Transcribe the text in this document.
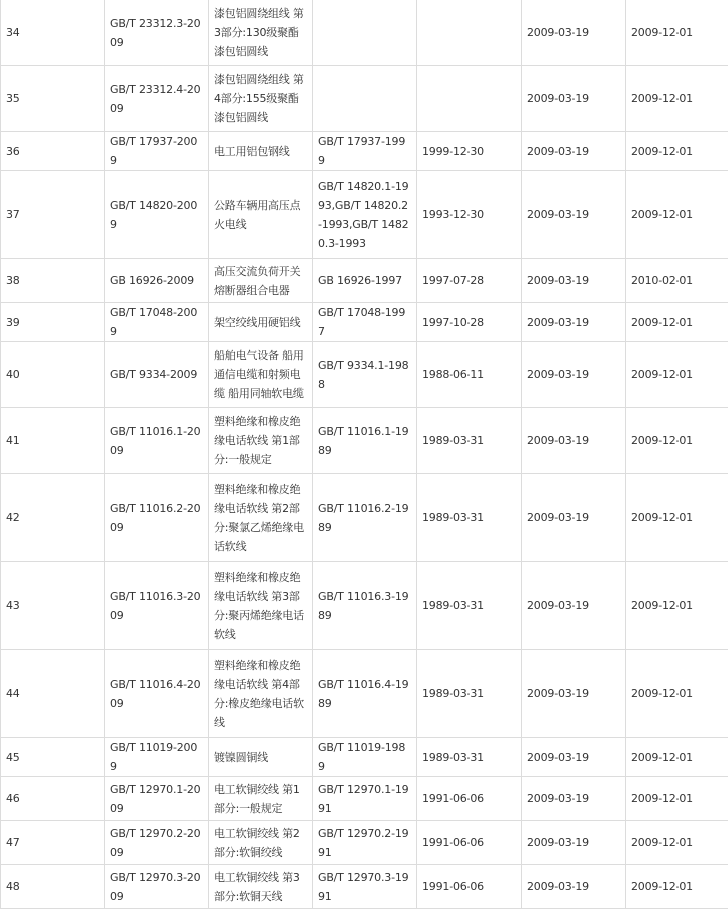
34	GB/T 23312.3-2009	漆包铝圆绕组线 第3部分:130级聚酯漆包铝圆线			2009-03-19	2009-12-01
35	GB/T 23312.4-2009	漆包铝圆绕组线 第4部分:155级聚酯漆包铝圆线			2009-03-19	2009-12-01
36	GB/T 17937-2009	电工用铝包钢线	GB/T 17937-1999	1999-12-30	2009-03-19	2009-12-01
37	GB/T 14820-2009	公路车辆用高压点火电线	GB/T 14820.1-1993,GB/T 14820.2-1993,GB/T 14820.3-1993	1993-12-30	2009-03-19	2009-12-01
38	GB 16926-2009	高压交流负荷开关熔断器组合电器	GB 16926-1997	1997-07-28	2009-03-19	2010-02-01
39	GB/T 17048-2009	架空绞线用硬铝线	GB/T 17048-1997	1997-10-28	2009-03-19	2009-12-01
40	GB/T 9334-2009	船舶电气设备 船用通信电缆和射频电缆 船用同轴软电缆	GB/T 9334.1-1988	1988-06-11	2009-03-19	2009-12-01
41	GB/T 11016.1-2009	塑料绝缘和橡皮绝缘电话软线 第1部分:一般规定	GB/T 11016.1-1989	1989-03-31	2009-03-19	2009-12-01
42	GB/T 11016.2-2009	塑料绝缘和橡皮绝缘电话软线 第2部分:聚氯乙烯绝缘电话软线	GB/T 11016.2-1989	1989-03-31	2009-03-19	2009-12-01
43	GB/T 11016.3-2009	塑料绝缘和橡皮绝缘电话软线 第3部分:聚丙烯绝缘电话软线	GB/T 11016.3-1989	1989-03-31	2009-03-19	2009-12-01
44	GB/T 11016.4-2009	塑料绝缘和橡皮绝缘电话软线 第4部分:橡皮绝缘电话软线	GB/T 11016.4-1989	1989-03-31	2009-03-19	2009-12-01
45	GB/T 11019-2009	镀镍圆铜线	GB/T 11019-1989	1989-03-31	2009-03-19	2009-12-01
46	GB/T 12970.1-2009	电工软铜绞线 第1部分:一般规定	GB/T 12970.1-1991	1991-06-06	2009-03-19	2009-12-01
47	GB/T 12970.2-2009	电工软铜绞线 第2部分:软铜绞线	GB/T 12970.2-1991	1991-06-06	2009-03-19	2009-12-01
48	GB/T 12970.3-2009	电工软铜绞线 第3部分:软铜天线	GB/T 12970.3-1991	1991-06-06	2009-03-19	2009-12-01
